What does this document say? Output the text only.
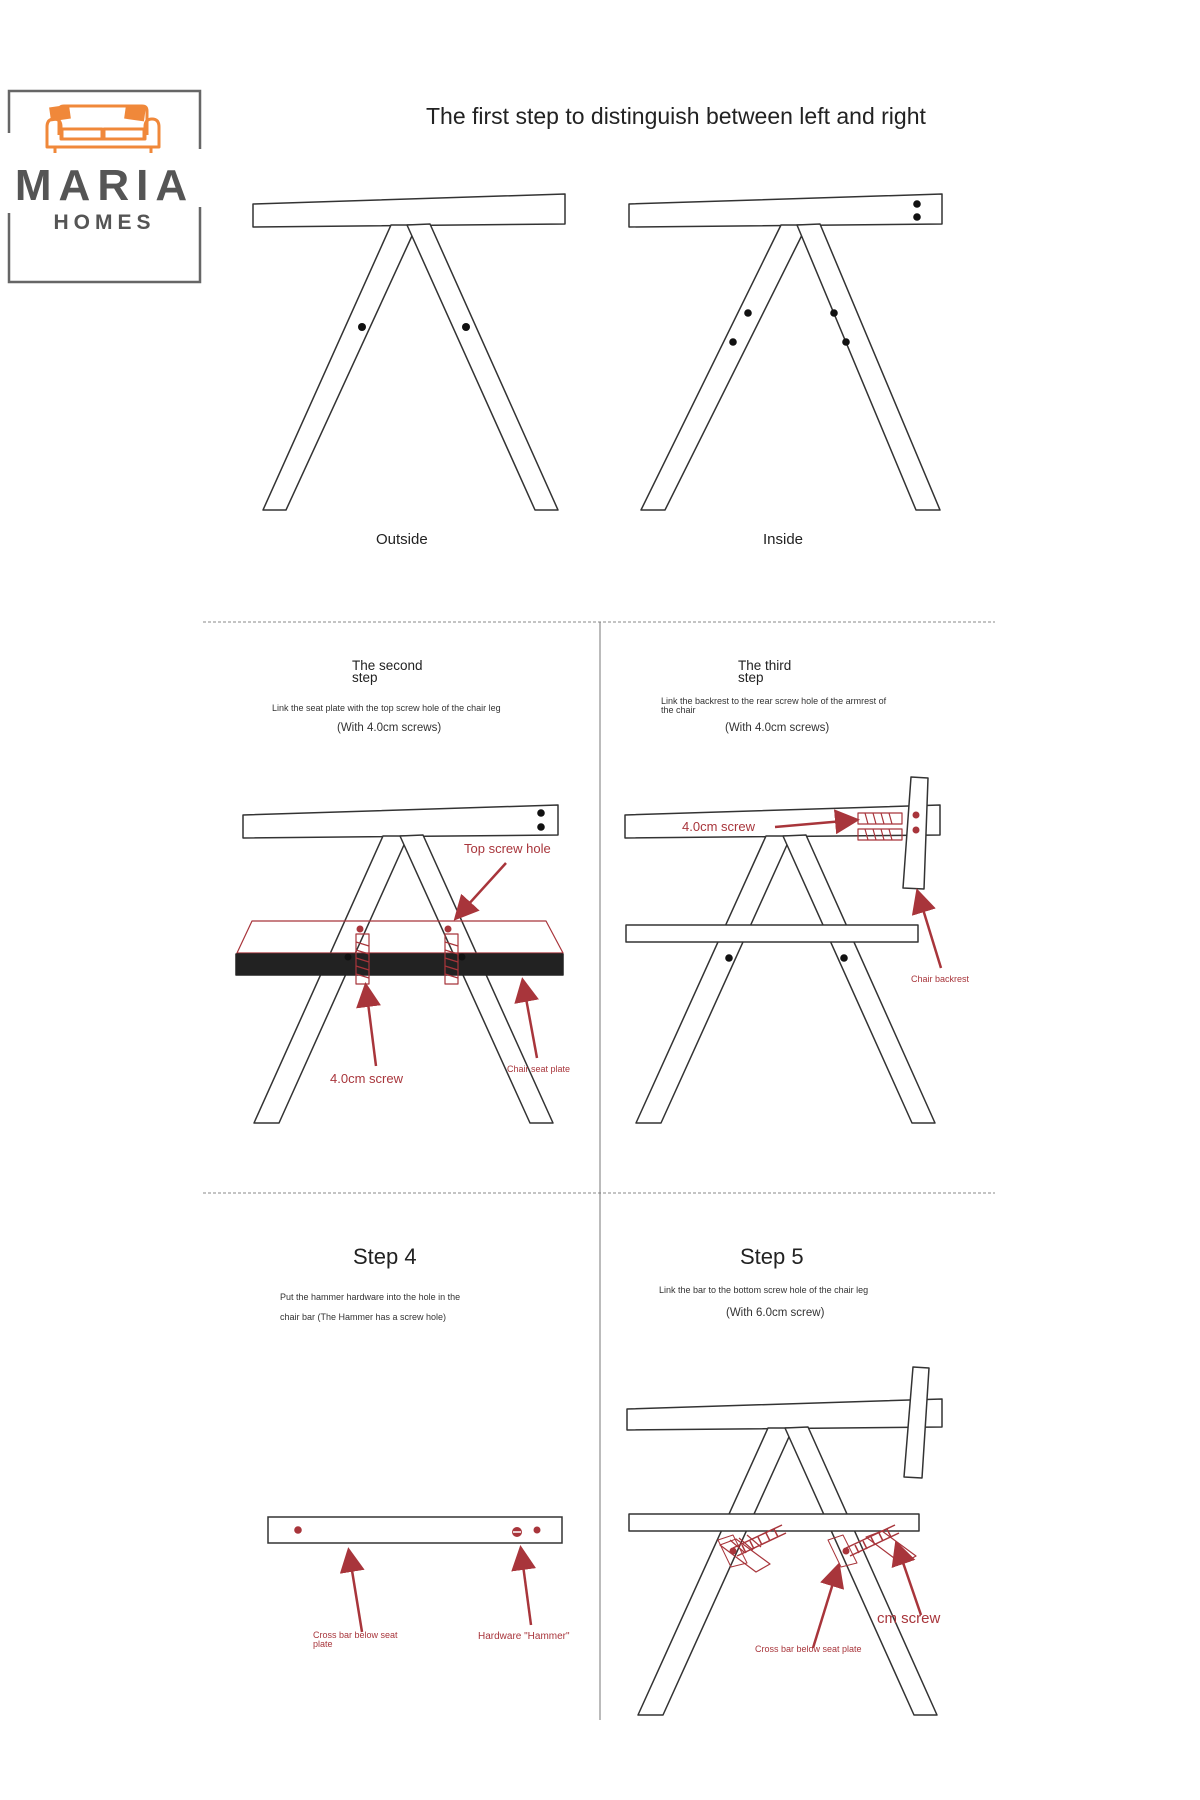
MARIA
HOMES
The first step to distinguish between left and right
Outside	Inside
The second
step
Link the seat plate with the top screw hole of the chair leg
(With 4.0cm screws)
Top screw hole
4.0cm screw
Chair seat plate
The third
step
Link the backrest to the rear screw hole of the armrest of
the chair
(With 4.0cm screws)
4.0cm screw
Chair backrest
Step 4
Put the hammer hardware into the hole in the
chair bar (The Hammer has a screw hole)
Cross bar below seat
plate
Hardware "Hammer"
Step 5
Link the bar to the bottom screw hole of the chair leg
(With 6.0cm screw)
Cross bar below seat plate
cm screw
